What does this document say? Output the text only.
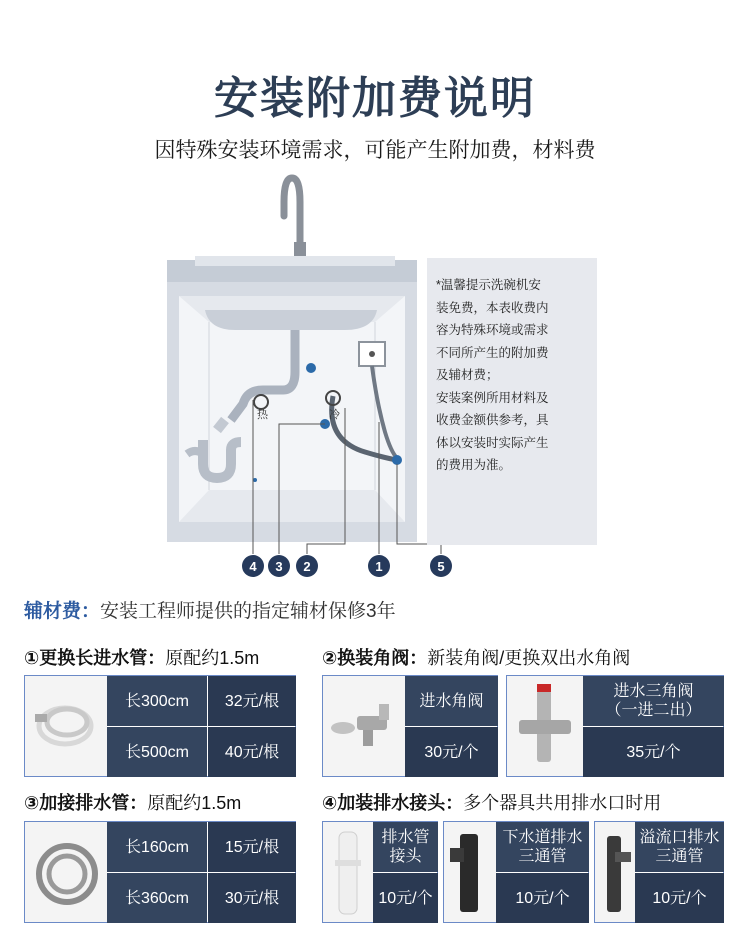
安装附加费说明
因特殊安装环境需求，可能产生附加费，材料费
热	冷
4 3 2	1	5

*温馨提示洗碗机安
装免费，本表收费内
容为特殊环境或需求
不同所产生的附加费
及辅材费；

安装案例所用材料及
收费金额供参考，具
体以安装时实际产生
的费用为准。

辅材费：安装工程师提供的指定辅材保修3年
①更换长进水管：原配约1.5m	②换装角阀：新装角阀/更换双出水角阀
长300cm	32元/根
长500cm	40元/根
进水角阀
30元/个
进水三角阀
（一进二出）
35元/个
③加接排水管：原配约1.5m	④加装排水接头：多个器具共用排水口时用
长160cm	15元/根
长360cm	30元/根
排水管
接头
10元/个
下水道排水
三通管
10元/个
溢流口排水
三通管
10元/个
